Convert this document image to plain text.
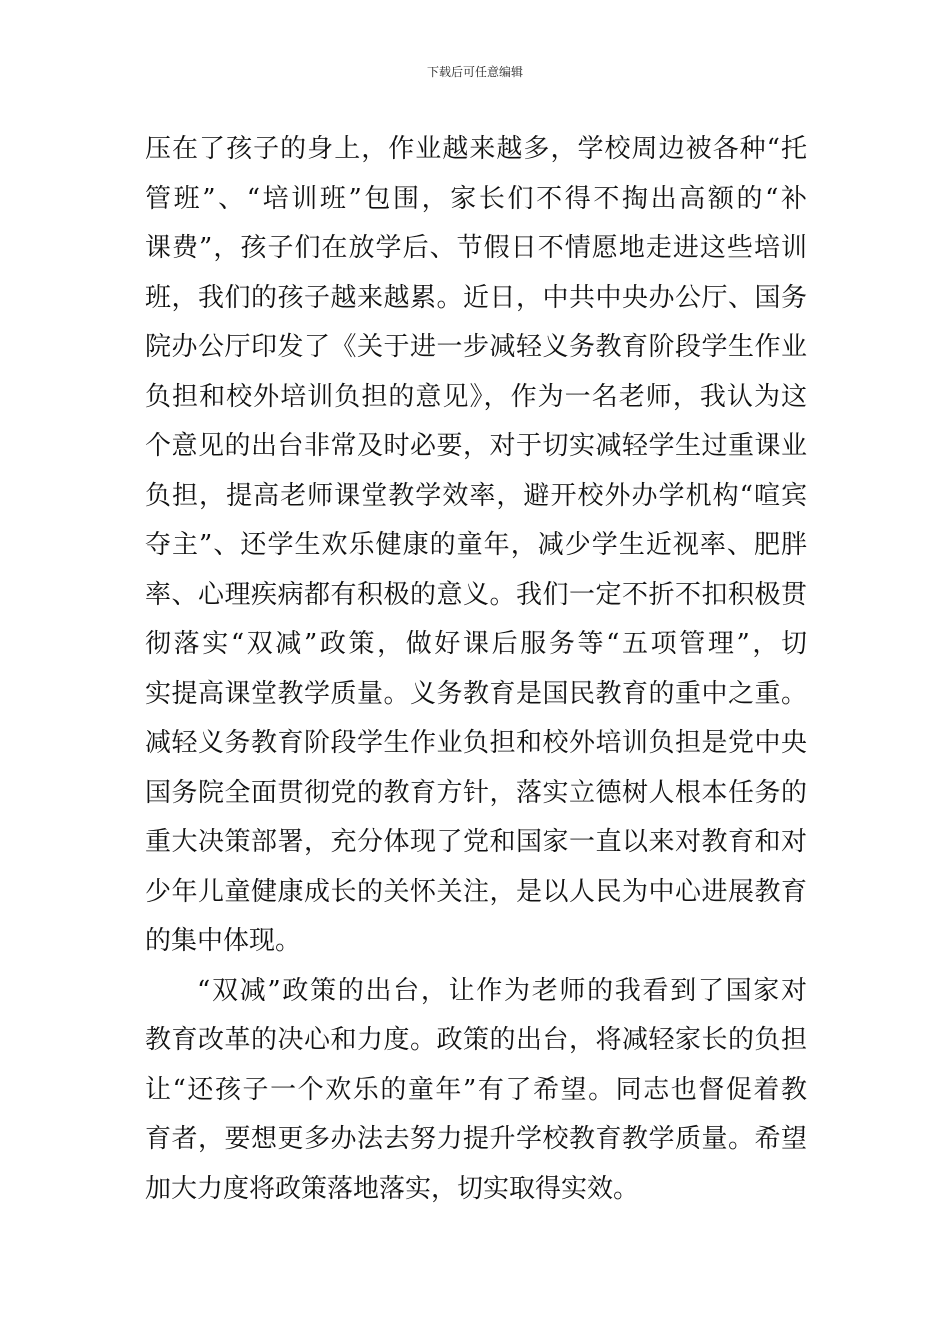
下载后可任意编辑
压在了孩子的身上，作业越来越多，学校周边被各种“托
管班”、“培训班”包围，家长们不得不掏出高额的“补
课费”，孩子们在放学后、节假日不情愿地走进这些培训
班，我们的孩子越来越累。近日，中共中央办公厅、国务
院办公厅印发了《关于进一步减轻义务教育阶段学生作业
负担和校外培训负担的意见》，作为一名老师，我认为这
个意见的出台非常及时必要，对于切实减轻学生过重课业
负担，提高老师课堂教学效率，避开校外办学机构“喧宾
夺主”、还学生欢乐健康的童年，减少学生近视率、肥胖
率、心理疾病都有积极的意义。我们一定不折不扣积极贯
彻落实“双减”政策，做好课后服务等“五项管理”，切
实提高课堂教学质量。义务教育是国民教育的重中之重。
减轻义务教育阶段学生作业负担和校外培训负担是党中央
国务院全面贯彻党的教育方针，落实立德树人根本任务的
重大决策部署，充分体现了党和国家一直以来对教育和对
少年儿童健康成长的关怀关注，是以人民为中心进展教育
的集中体现。
“双减”政策的出台，让作为老师的我看到了国家对
教育改革的决心和力度。政策的出台，将减轻家长的负担
让“还孩子一个欢乐的童年”有了希望。同志也督促着教
育者，要想更多办法去努力提升学校教育教学质量。希望
加大力度将政策落地落实，切实取得实效。
